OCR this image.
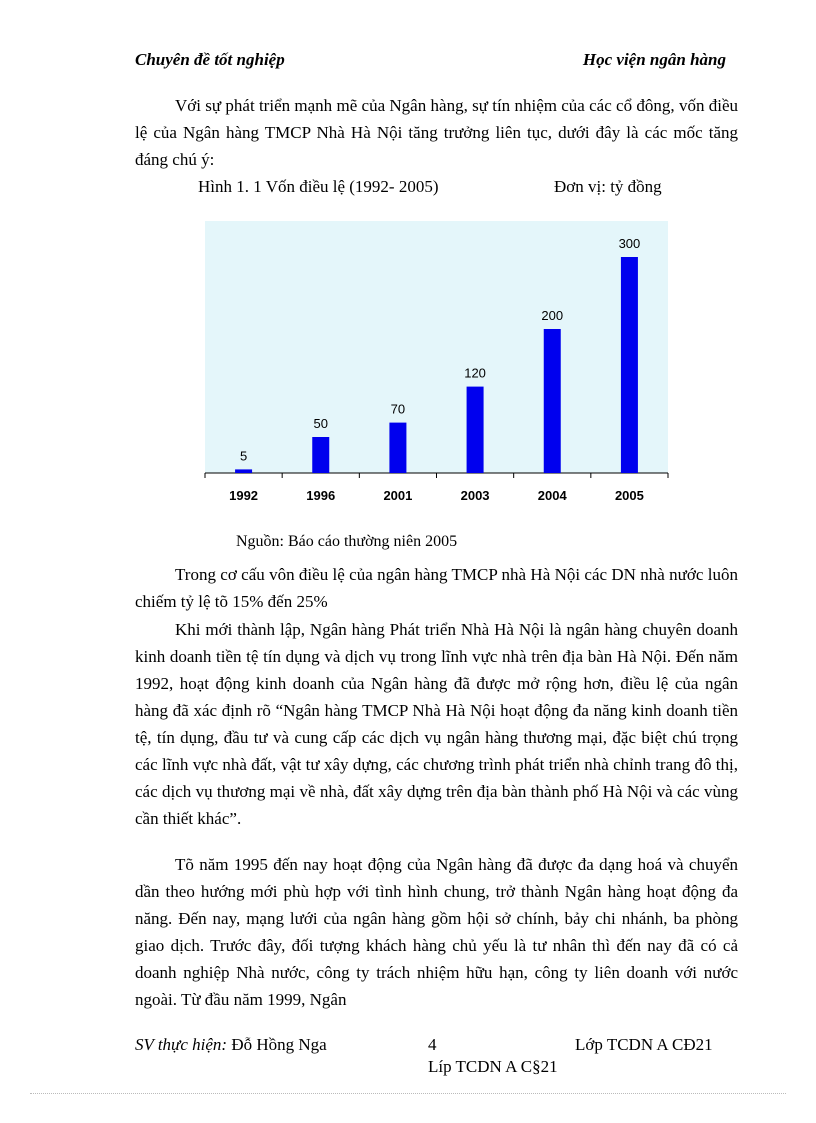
Chuyên đề tốt nghiệp	Học viện ngân hàng

Với sự phát triển mạnh mẽ của Ngân hàng, sự tín nhiệm của các cổ đông, vốn điều lệ của Ngân hàng TMCP Nhà Hà Nội tăng trưởng liên tục, dưới đây là các mốc tăng đáng chú ý:

Hình 1. 1 Vốn điều lệ (1992- 2005)	Đơn vị: tỷ đồng
5
50
70
120
200
300
1992	1996	2001	2003	2004	2005
Nguồn: Báo cáo thường niên 2005

Trong cơ cấu vôn điều lệ của ngân hàng TMCP nhà Hà Nội các DN nhà nước luôn chiếm tỷ lệ tõ 15% đến 25%

Khi mới thành lập, Ngân hàng Phát triển Nhà Hà Nội là ngân hàng chuyên doanh kinh doanh tiền tệ tín dụng và dịch vụ trong lĩnh vực nhà trên địa bàn Hà Nội. Đến năm 1992, hoạt động kinh doanh của Ngân hàng đã được mở rộng hơn, điều lệ của ngân hàng đã xác định rõ “Ngân hàng TMCP Nhà Hà Nội hoạt động đa năng kinh doanh tiền tệ, tín dụng, đầu tư và cung cấp các dịch vụ ngân hàng thương mại, đặc biệt chú trọng các lĩnh vực nhà đất, vật tư xây dựng, các chương trình phát triển nhà chỉnh trang đô thị, các dịch vụ thương mại về nhà, đất xây dựng trên địa bàn thành phố Hà Nội và các vùng cần thiết khác”.

Tõ năm 1995 đến nay hoạt động của Ngân hàng đã được đa dạng hoá và chuyển dần theo hướng mới phù hợp với tình hình chung, trở thành Ngân hàng hoạt động đa năng. Đến nay, mạng lưới của ngân hàng gồm hội sở chính, bảy chi nhánh, ba phòng giao dịch. Trước đây, đối tượng khách hàng chủ yếu là tư nhân thì đến nay đã có cả doanh nghiệp Nhà nước, công ty trách nhiệm hữu hạn, công ty liên doanh với nước ngoài. Từ đầu năm 1999, Ngân

SV thực hiện: Đỗ Hồng Nga	4	Lớp TCDN A CĐ21
Líp TCDN A C§21
